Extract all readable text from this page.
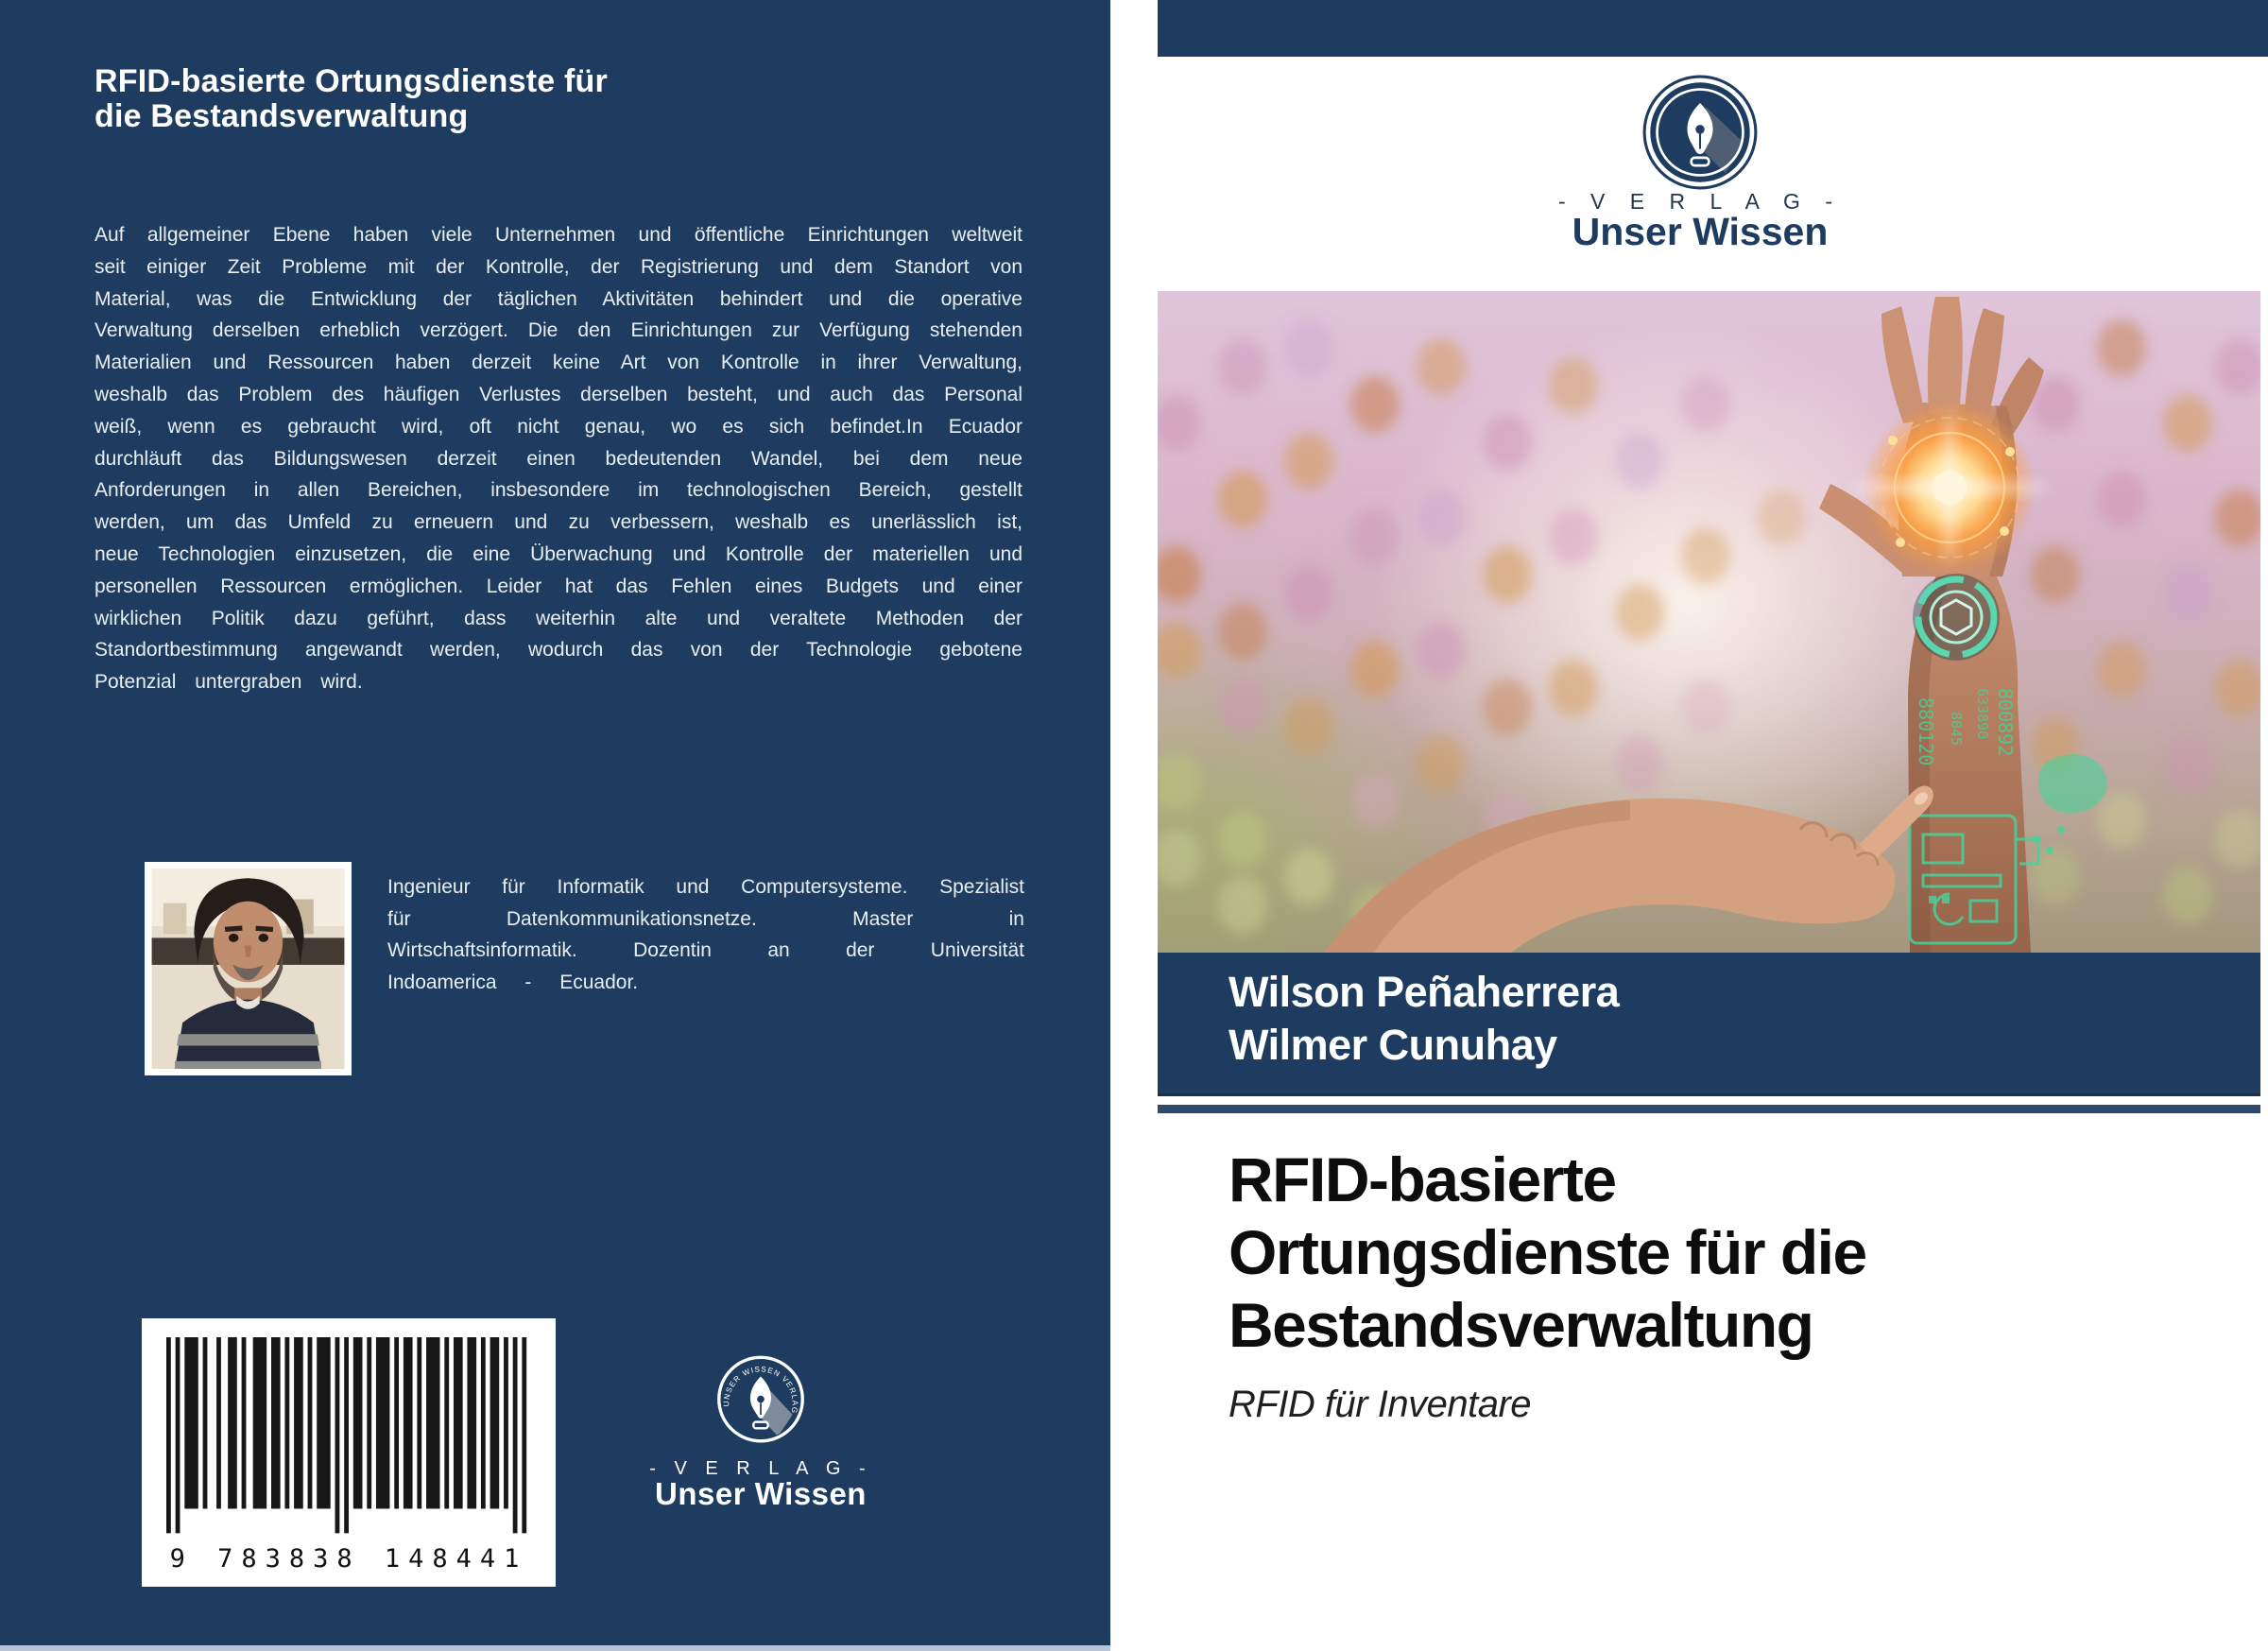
RFID-basierte Ortungsdienste für
die Bestandsverwaltung
Auf allgemeiner Ebene haben viele Unternehmen und öffentliche Einrichtungen weltweit seit einiger Zeit Probleme mit der Kontrolle, der Registrierung und dem Standort von Material, was die Entwicklung der täglichen Aktivitäten behindert und die operative Verwaltung derselben erheblich verzögert. Die den Einrichtungen zur Verfügung stehenden Materialien und Ressourcen haben derzeit keine Art von Kontrolle in ihrer Verwaltung, weshalb das Problem des häufigen Verlustes derselben besteht, und auch das Personal weiß, wenn es gebraucht wird, oft nicht genau, wo es sich befindet.In Ecuador durchläuft das Bildungswesen derzeit einen bedeutenden Wandel, bei dem neue Anforderungen in allen Bereichen, insbesondere im technologischen Bereich, gestellt werden, um das Umfeld zu erneuern und zu verbessern, weshalb es unerlässlich ist, neue Technologien einzusetzen, die eine Überwachung und Kontrolle der materiellen und personellen Ressourcen ermöglichen. Leider hat das Fehlen eines Budgets und einer wirklichen Politik dazu geführt, dass weiterhin alte und veraltete Methoden der Standortbestimmung angewandt werden, wodurch das von der Technologie gebotene Potenzial untergraben wird.
Ingenieur für Informatik und Computersysteme. Spezialist für Datenkommunikationsnetze. Master in Wirtschaftsinformatik. Dozentin an der Universität Indoamerica - Ecuador.
9 783838 148441
UNSER WISSEN VERLAG
- V E R L A G -
Unser Wissen
- V E R L A G -
Unser Wissen
880120 8045 633890 800892
Wilson Peñaherrera
Wilmer Cunuhay
RFID-basierte
Ortungsdienste für die
Bestandsverwaltung
RFID für Inventare
